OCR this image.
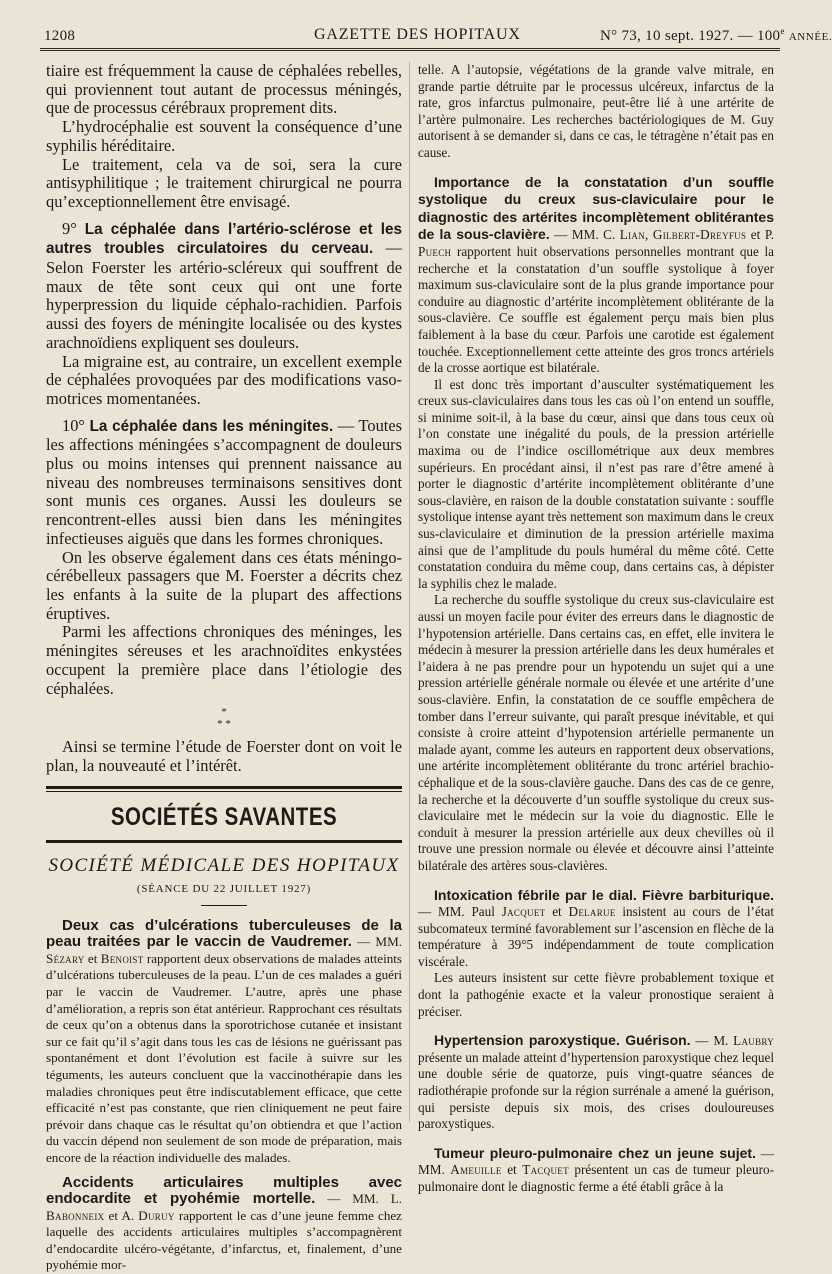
1208	GAZETTE DES HOPITAUX	N° 73, 10 sept. 1927. — 100e ANNÉE.

tiaire est fréquemment la cause de céphalées rebelles, qui proviennent tout autant de processus méningés, que de processus cérébraux proprement dits.

L’hydrocéphalie est souvent la conséquence d’une syphilis héréditaire.

Le traitement, cela va de soi, sera la cure antisyphilitique ; le traitement chirurgical ne pourra qu’exceptionnellement être envisagé.

9° La céphalée dans l’artério-sclérose et les autres troubles circulatoires du cerveau. — Selon Foerster les artério-scléreux qui souffrent de maux de tête sont ceux qui ont une forte hyperpression du liquide céphalo-rachidien. Parfois aussi des foyers de méningite localisée ou des kystes arachnoïdiens expliquent ses douleurs.

La migraine est, au contraire, un excellent exemple de céphalées provoquées par des modifications vaso-motrices momentanées.

10° La céphalée dans les méningites. — Toutes les affections méningées s’accompagnent de douleurs plus ou moins intenses qui prennent naissance au niveau des nombreuses terminaisons sensitives dont sont munis ces organes. Aussi les douleurs se rencontrent-elles aussi bien dans les méningites infectieuses aiguës que dans les formes chroniques.

On les observe également dans ces états méningo-cérébelleux passagers que M. Foerster a décrits chez les enfants à la suite de la plupart des affections éruptives.

Parmi les affections chroniques des méninges, les méningites séreuses et les arachnoïdites enkystées occupent la première place dans l’étiologie des céphalées.

*
* *

Ainsi se termine l’étude de Foerster dont on voit le plan, la nouveauté et l’intérêt.

SOCIÉTÉS SAVANTES
SOCIÉTÉ MÉDICALE DES HOPITAUX
(SÉANCE DU 22 JUILLET 1927)

Deux cas d’ulcérations tuberculeuses de la peau traitées par le vaccin de Vaudremer. — MM. Sézary et Benoist rapportent deux observations de malades atteints d’ulcérations tuberculeuses de la peau. L’un de ces malades a guéri par le vaccin de Vaudremer. L’autre, après une phase d’amélioration, a repris son état antérieur. Rapprochant ces résultats de ceux qu’on a obtenus dans la sporotrichose cutanée et insistant sur ce fait qu’il s’agit dans tous les cas de lésions ne guérissant pas spontanément et dont l’évolution est facile à suivre sur les téguments, les auteurs concluent que la vaccinothérapie dans les maladies chroniques peut être indiscutablement efficace, que cette efficacité n’est pas constante, que rien cliniquement ne peut faire prévoir dans chaque cas le résultat qu’on obtiendra et que l’action du vaccin dépend non seulement de son mode de préparation, mais encore de la réaction individuelle des malades.

Accidents articulaires multiples avec endocardite et pyohémie mortelle. — MM. L. Babonneix et A. Duruy rapportent le cas d’une jeune femme chez laquelle des accidents articulaires multiples s’accompagnèrent d’endocardite ulcéro-végétante, d’infarctus, et, finalement, d’une pyohémie mor-

telle. A l’autopsie, végétations de la grande valve mitrale, en grande partie détruite par le processus ulcéreux, infarctus de la rate, gros infarctus pulmonaire, peut-être lié à une artérite de l’artère pulmonaire. Les recherches bactériologiques de M. Guy autorisent à se demander si, dans ce cas, le tétragène n’était pas en cause.

Importance de la constatation d’un souffle systolique du creux sus-claviculaire pour le diagnostic des artérites incomplètement oblitérantes de la sous-clavière. — MM. C. Lian, Gilbert-Dreyfus et P. Puech rapportent huit observations personnelles montrant que la recherche et la constatation d’un souffle systolique à foyer maximum sus-claviculaire sont de la plus grande importance pour conduire au diagnostic d’artérite incomplètement oblitérante de la sous-clavière. Ce souffle est également perçu mais bien plus faiblement à la base du cœur. Parfois une carotide est également touchée. Exceptionnellement cette atteinte des gros troncs artériels de la crosse aortique est bilatérale.

Il est donc très important d’ausculter systématiquement les creux sus-claviculaires dans tous les cas où l’on entend un souffle, si minime soit-il, à la base du cœur, ainsi que dans tous ceux où l’on constate une inégalité du pouls, de la pression artérielle maxima ou de l’indice oscillométrique aux deux membres supérieurs. En procédant ainsi, il n’est pas rare d’être amené à porter le diagnostic d’artérite incomplètement oblitérante d’une sous-clavière, en raison de la double constatation suivante : souffle systolique intense ayant très nettement son maximum dans le creux sus-claviculaire et diminution de la pression artérielle maxima ainsi que de l’amplitude du pouls huméral du même côté. Cette constatation conduira du même coup, dans certains cas, à dépister la syphilis chez le malade.

La recherche du souffle systolique du creux sus-claviculaire est aussi un moyen facile pour éviter des erreurs dans le diagnostic de l’hypotension artérielle. Dans certains cas, en effet, elle invitera le médecin à mesurer la pression artérielle dans les deux humérales et l’aidera à ne pas prendre pour un hypotendu un sujet qui a une pression artérielle générale normale ou élevée et une artérite d’une sous-clavière. Enfin, la constatation de ce souffle empêchera de tomber dans l’erreur suivante, qui paraît presque inévitable, et qui consiste à croire atteint d’hypotension artérielle permanente un malade ayant, comme les auteurs en rapportent deux observations, une artérite incomplètement oblitérante du tronc artériel brachio-céphalique et de la sous-clavière gauche. Dans des cas de ce genre, la recherche et la découverte d’un souffle systolique du creux sus-claviculaire met le médecin sur la voie du diagnostic. Elle le conduit à mesurer la pression artérielle aux deux chevilles où il trouve une pression normale ou élevée et découvre ainsi l’atteinte bilatérale des artères sous-clavières.

Intoxication fébrile par le dial. Fièvre barbiturique. — MM. Paul Jacquet et Delarue insistent au cours de l’état subcomateux terminé favorablement sur l’ascension en flèche de la température à 39°5 indépendamment de toute complication viscérale.

Les auteurs insistent sur cette fièvre probablement toxique et dont la pathogénie exacte et la valeur pronostique seraient à préciser.

Hypertension paroxystique. Guérison. — M. Laubry présente un malade atteint d’hypertension paroxystique chez lequel une double série de quatorze, puis vingt-quatre séances de radiothérapie profonde sur la région surrénale a amené la guérison, qui persiste depuis six mois, des crises douloureuses paroxystiques.

Tumeur pleuro-pulmonaire chez un jeune sujet. — MM. Ameuille et Tacquet présentent un cas de tumeur pleuro-pulmonaire dont le diagnostic ferme a été établi grâce à la
